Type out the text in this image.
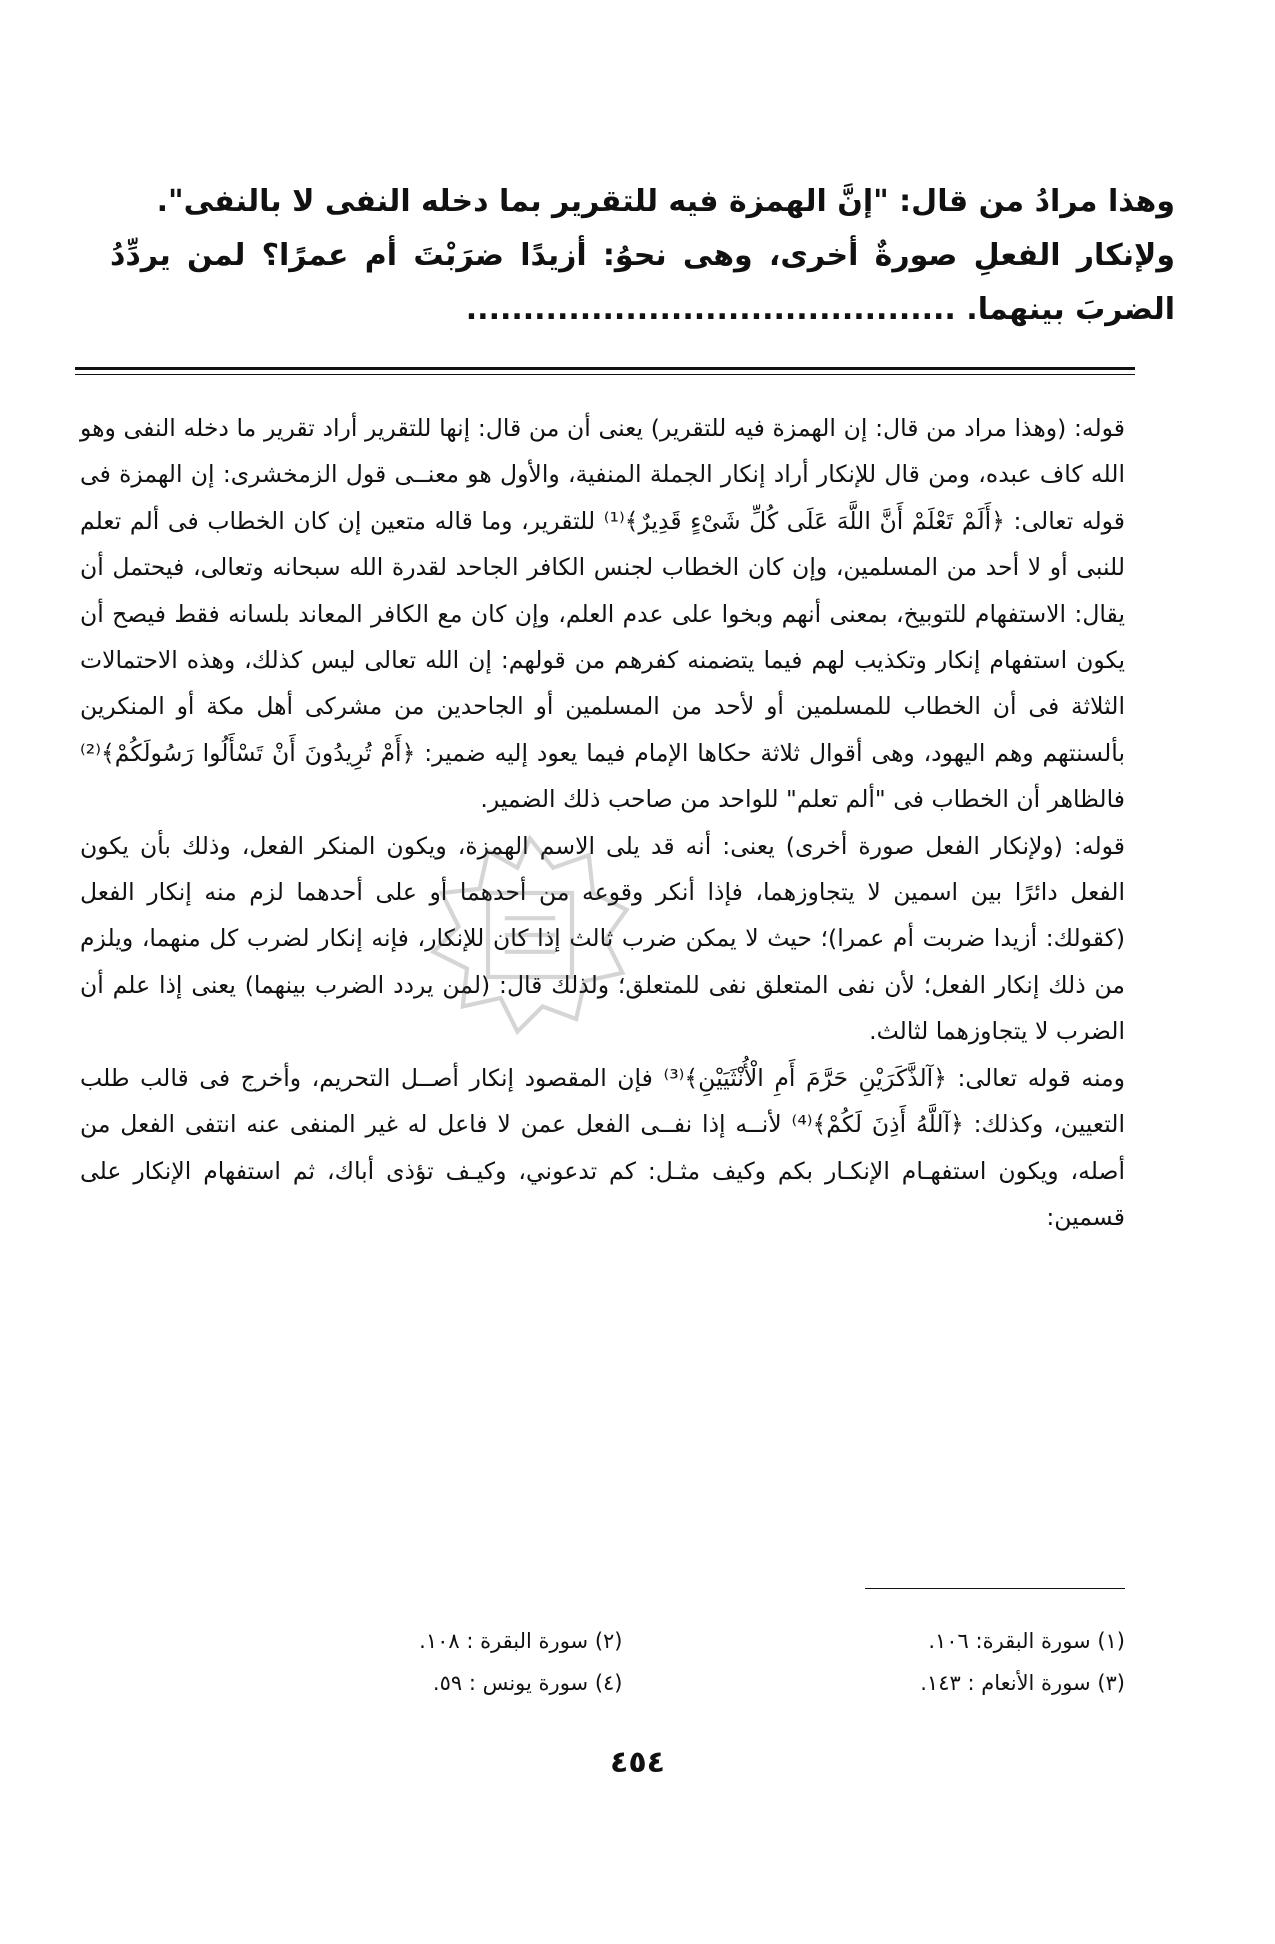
وهذا مرادُ من قال: "إنَّ الهمزة فيه للتقرير بما دخله النفى لا بالنفى".

ولإنكار الفعلِ صورةٌ أخرى، وهى نحوُ: أزيدًا ضرَبْتَ أم عمرًا؟ لمن يردِّدُ الضربَ بينهما. ...........................................

قوله: (وهذا مراد من قال: إن الهمزة فيه للتقرير) يعنى أن من قال: إنها للتقرير أراد تقرير ما دخله النفى وهو الله كاف عبده، ومن قال للإنكار أراد إنكار الجملة المنفية، والأول هو معنــى قول الزمخشرى: إن الهمزة فى قوله تعالى: ﴿أَلَمْ تَعْلَمْ أَنَّ اللَّهَ عَلَى كُلِّ شَىْءٍ قَدِيرٌ﴾⁽¹⁾ للتقرير، وما قاله متعين إن كان الخطاب فى ألم تعلم للنبى أو لا أحد من المسلمين، وإن كان الخطاب لجنس الكافر الجاحد لقدرة الله سبحانه وتعالى، فيحتمل أن يقال: الاستفهام للتوبيخ، بمعنى أنهم وبخوا على عدم العلم، وإن كان مع الكافر المعاند بلسانه فقط فيصح أن يكون استفهام إنكار وتكذيب لهم فيما يتضمنه كفرهم من قولهم: إن الله تعالى ليس كذلك، وهذه الاحتمالات الثلاثة فى أن الخطاب للمسلمين أو لأحد من المسلمين أو الجاحدين من مشركى أهل مكة أو المنكرين بألسنتهم وهم اليهود، وهى أقوال ثلاثة حكاها الإمام فيما يعود إليه ضمير: ﴿أَمْ تُرِيدُونَ أَنْ تَسْأَلُوا رَسُولَكُمْ﴾⁽²⁾ فالظاهر أن الخطاب فى "ألم تعلم" للواحد من صاحب ذلك الضمير.

قوله: (ولإنكار الفعل صورة أخرى) يعنى: أنه قد يلى الاسم الهمزة، ويكون المنكر الفعل، وذلك بأن يكون الفعل دائرًا بين اسمين لا يتجاوزهما، فإذا أنكر وقوعه من أحدهما أو على أحدهما لزم منه إنكار الفعل (كقولك: أزيدا ضربت أم عمرا)؛ حيث لا يمكن ضرب ثالث إذا كان للإنكار، فإنه إنكار لضرب كل منهما، ويلزم من ذلك إنكار الفعل؛ لأن نفى المتعلق نفى للمتعلق؛ ولذلك قال: (لمن يردد الضرب بينهما) يعنى إذا علم أن الضرب لا يتجاوزهما لثالث.

ومنه قوله تعالى: ﴿آلذَّكَرَيْنِ حَرَّمَ أَمِ الْأُنْثَيَيْنِ﴾⁽³⁾ فإن المقصود إنكار أصــل التحريم، وأخرج فى قالب طلب التعيين، وكذلك: ﴿آللَّهُ أَذِنَ لَكُمْ﴾⁽⁴⁾ لأنــه إذا نفــى الفعل عمن لا فاعل له غير المنفى عنه انتفى الفعل من أصله، ويكون استفهـام الإنكـار بكم وكيف مثـل: كم تدعوني، وكيـف تؤذى أباك، ثم استفهام الإنكار على قسمين:

(١) سورة البقرة: ١٠٦.
(٢) سورة البقرة : ١٠٨.
(٣) سورة الأنعام : ١٤٣.
(٤) سورة يونس : ٥٩.
٤٥٤
